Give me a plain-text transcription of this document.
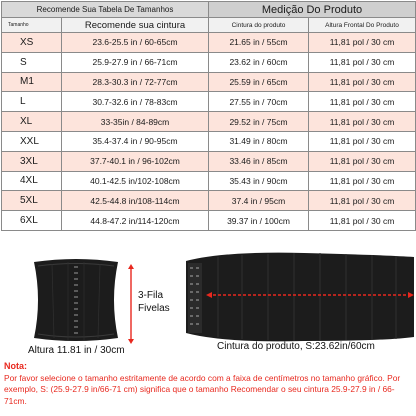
Recomende Sua Tabela De Tamanhos		Medição Do Produto	
Tamanho	Recomende sua cintura	Cintura do produto	Altura Frontal Do Produto
XS	23.6-25.5 in / 60-65cm	21.65 in / 55cm	11,81 pol / 30 cm
S	25.9-27.9 in / 66-71cm	23.62 in / 60cm	11,81 pol / 30 cm
M1	28.3-30.3 in / 72-77cm	25.59 in / 65cm	11,81 pol / 30 cm
L	30.7-32.6 in / 78-83cm	27.55 in / 70cm	11,81 pol / 30 cm
XL	33-35in / 84-89cm	29.52 in / 75cm	11,81 pol / 30 cm
XXL	35.4-37.4 in / 90-95cm	31.49 in / 80cm	11,81 pol / 30 cm
3XL	37.7-40.1 in / 96-102cm	33.46 in / 85cm	11,81 pol / 30 cm
4XL	40.1-42.5 in/102-108cm	35.43 in / 90cm	11,81 pol / 30 cm
5XL	42.5-44.8 in/108-114cm	37.4 in / 95cm	11,81 pol / 30 cm
6XL	44.8-47.2 in/114-120cm	39.37 in / 100cm	11,81 pol / 30 cm
3-Fila
Fivelas
Altura 11.81 in / 30cm	Cintura do produto, S:23.62in/60cm
Nota:
Por favor selecione o tamanho estritamente de acordo com a faixa de centímetros no tamanho gráfico. Por exemplo, S: (25.9-27.9 in/66-71 cm) significa que o tamanho Recomendar o seu cintura 25.9-27.9 in / 66-71cm.
